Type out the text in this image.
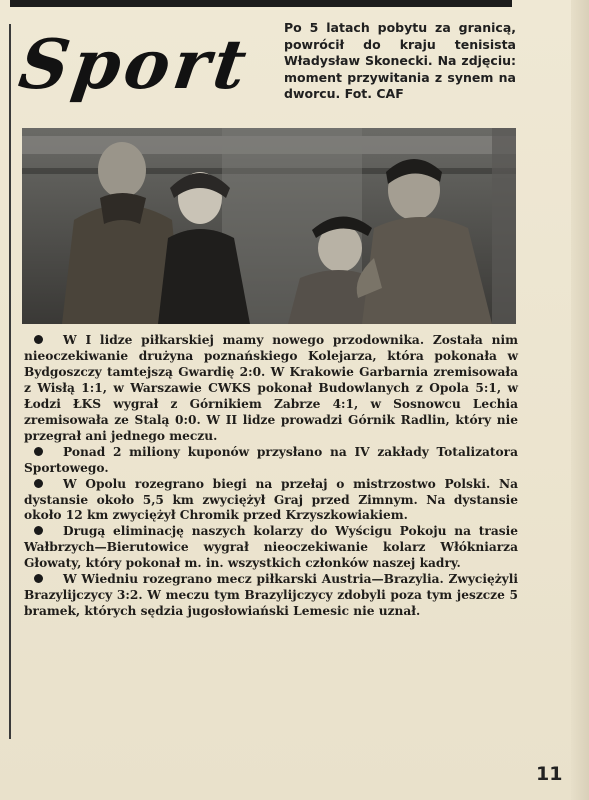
Sport	Po 5 latach pobytu za granicą, powrócił do kraju tenisista Władysław Skonecki. Na zdjęciu: moment przywitania z synem na dworcu. Fot. CAF

W I lidze piłkarskiej mamy nowego przodownika. Została nim nieoczekiwanie drużyna poznańskiego Kolejarza, która pokonała w Bydgoszczy tamtejszą Gwardię 2:0. W Krakowie Garbarnia zremisowała z Wisłą 1:1, w Warszawie CWKS pokonał Budowlanych z Opola 5:1, w Łodzi ŁKS wygrał z Górnikiem Zabrze 4:1, w Sosnowcu Lechia zremisowała ze Stalą 0:0. W II lidze prowadzi Górnik Radlin, który nie przegrał ani jednego meczu.

Ponad 2 miliony kuponów przysłano na IV zakłady Totalizatora Sportowego.

W Opolu rozegrano biegi na przełaj o mistrzostwo Polski. Na dystansie około 5,5 km zwyciężył Graj przed Zimnym. Na dystansie około 12 km zwyciężył Chromik przed Krzyszkowiakiem.

Drugą eliminację naszych kolarzy do Wyścigu Pokoju na trasie Wałbrzych—Bierutowice wygrał nieoczekiwanie kolarz Włókniarza Głowaty, który pokonał m. in. wszystkich członków naszej kadry.

W Wiedniu rozegrano mecz piłkarski Austria—Brazylia. Zwyciężyli Brazylijczycy 3:2. W meczu tym Brazylijczycy zdobyli poza tym jeszcze 5 bramek, których sędzia jugosłowiański Lemesic nie uznał.

11
